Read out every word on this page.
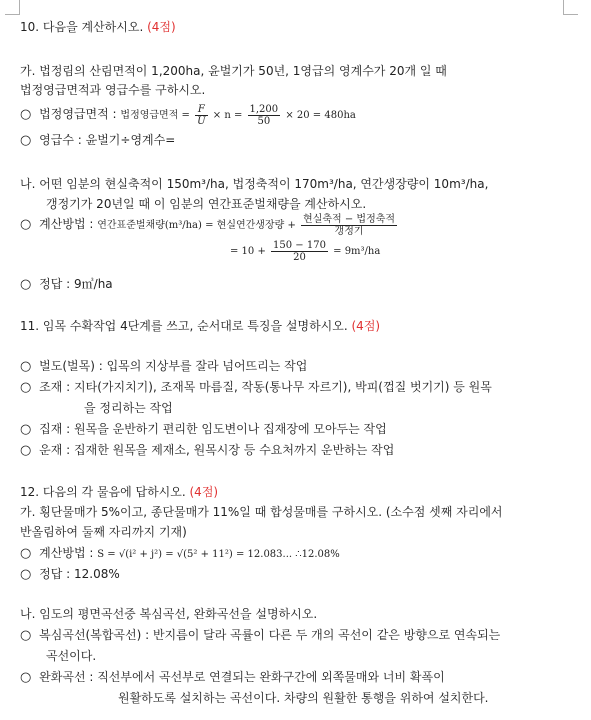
10. 다음을 계산하시오. (4점)
가. 법정림의 산림면적이 1,200ha, 윤벌기가 50년, 1영급의 영계수가 20개 일 때
법정영급면적과 영급수를 구하시오.
○ 법정영급면적 : 법정영급면적 = $\frac{F}{U} \times n = \frac{1,200}{50} \times 20 = 480ha$
○ 영급수 : 윤벌기÷영계수=
나. 어떤 임분의 현실축적이 150m³/ha, 법정축적이 170m³/ha, 연간생장량이 10m³/ha,
갱정기가 20년일 때 이 임분의 연간표준벌채량을 계산하시오.
○ 계산방법 : 연간표준벌채량(m³/ha) = 현실연간생장량 + $\frac{\text{현실축적 − 법정축적}}{\text{갱정기}}$
= $10 + \frac{150 - 170}{20} = 9m^3/ha$
○ 정답 : 9㎥/ha
11. 임목 수확작업 4단계를 쓰고, 순서대로 특징을 설명하시오. (4점)
○ 벌도(벌목) : 입목의 지상부를 잘라 넘어뜨리는 작업
○ 조재 : 지타(가지치기), 조재목 마름질, 작동(통나무 자르기), 박피(껍질 벗기기) 등 원목
을 정리하는 작업
○ 집재 : 원목을 운반하기 편리한 임도변이나 집재장에 모아두는 작업
○ 운재 : 집재한 원목을 제재소, 원목시장 등 수요처까지 운반하는 작업
12. 다음의 각 물음에 답하시오. (4점)
가. 횡단물매가 5%이고, 종단물매가 11%일 때 합성물매를 구하시오. (소수점 셋째 자리에서
반올림하여 둘째 자리까지 기재)
○ 계산방법 : S = √(i² + j²) = √(5² + 11²) = 12.083... ∴12.08%
○ 정답 : 12.08%
나. 임도의 평면곡선중 복심곡선, 완화곡선을 설명하시오.
○ 복심곡선(복합곡선) : 반지름이 달라 곡률이 다른 두 개의 곡선이 같은 방향으로 연속되는
곡선이다.
○ 완화곡선 : 직선부에서 곡선부로 연결되는 완화구간에 외쪽물매와 너비 확폭이
원활하도록 설치하는 곡선이다. 차량의 원활한 통행을 위하여 설치한다.
